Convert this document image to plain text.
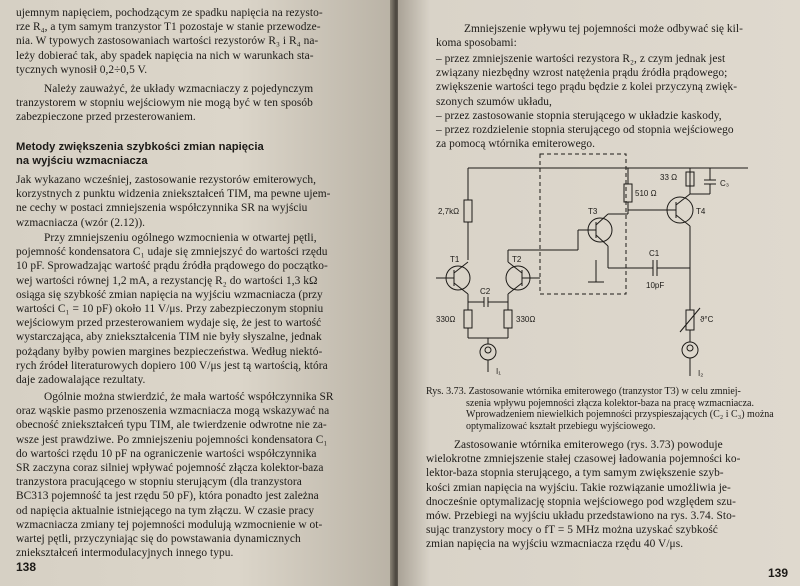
ujemnym napięciem, pochodzącym ze spadku napięcia na rezysto-
rze R₄, a tym samym tranzystor T1 pozostaje w stanie przewodze-
nia. W typowych zastosowaniach wartości rezystorów R₃ i R₄ na-
leży dobierać tak, aby spadek napięcia na nich w warunkach sta-
tycznych wynosił 0,2÷0,5 V.
Należy zauważyć, że układy wzmacniaczy z pojedynczym
tranzystorem w stopniu wejściowym nie mogą być w ten sposób
zabezpieczone przed przesterowaniem.
Metody zwiększenia szybkości zmian napięcia
na wyjściu wzmacniacza
Jak wykazano wcześniej, zastosowanie rezystorów emiterowych,
korzystnych z punktu widzenia zniekształceń TIM, ma pewne ujem-
ne cechy w postaci zmniejszenia współczynnika SR na wyjściu
wzmacniacza (wzór (2.12)).
Przy zmniejszeniu ogólnego wzmocnienia w otwartej pętli,
pojemność kondensatora C₁ udaje się zmniejszyć do wartości rzędu
10 pF. Sprowadzając wartość prądu źródła prądowego do początko-
wej wartości równej 1,2 mA, a rezystancję R₂ do wartości 1,3 kΩ
osiąga się szybkość zmian napięcia na wyjściu wzmacniacza (przy
wartości C₁ = 10 pF) około 11 V/μs. Przy zabezpieczonym stopniu
wejściowym przed przesterowaniem wydaje się, że jest to wartość
wystarczająca, aby zniekształcenia TIM nie były słyszalne, jednak
pożądany byłby powien margines bezpieczeństwa. Według niektó-
rych źródeł literaturowych dopiero 100 V/μs jest tą wartością, która
daje zadowalające rezultaty.
Ogólnie można stwierdzić, że mała wartość współczynnika SR
oraz wąskie pasmo przenoszenia wzmacniacza mogą wskazywać na
obecność zniekształceń typu TIM, ale twierdzenie odwrotne nie za-
wsze jest prawdziwe. Po zmniejszeniu pojemności kondensatora C₁
do wartości rzędu 10 pF na ograniczenie wartości współczynnika
SR zaczyna coraz silniej wpływać pojemność złącza kolektor-baza
tranzystora pracującego w stopniu sterującym (dla tranzystora
BC313 pojemność ta jest rzędu 50 pF), która ponadto jest zależna
od napięcia aktualnie istniejącego na tym złączu. W czasie pracy
wzmacniacza zmiany tej pojemności modulują wzmocnienie w ot-
wartej pętli, przyczyniając się do powstawania dynamicznych
zniekształceń intermodulacyjnych innego typu.
138
Zmniejszenie wpływu tej pojemności może odbywać się kil-
koma sposobami:
– przez zmniejszenie wartości rezystora R₂, z czym jednak jest
związany niezbędny wzrost natężenia prądu źródła prądowego;
zwiększenie wartości tego prądu będzie z kolei przyczyną zwięk-
szonych szumów układu,
– przez zastosowanie stopnia sterującego w układzie kaskody,
– przez rozdzielenie stopnia sterującego od stopnia wejściowego
za pomocą wtórnika emiterowego.
T1	T2
T3	T4
2,7kΩ
510 Ω
33 Ω
C₃
C1
10pF
C2
330Ω	330Ω	ϑ°C
I₁	I₂
Rys. 3.73. Zastosowanie wtórnika emiterowego (tranzystor T3) w celu zmniej-
szenia wpływu pojemności złącza kolektor-baza na pracę wzmacniacza.
Wprowadzeniem niewielkich pojemności przyspieszających (C₂ i C₃) można
optymalizować kształt przebiegu wyjściowego.
Zastosowanie wtórnika emiterowego (rys. 3.73) powoduje
wielokrotne zmniejszenie stałej czasowej ładowania pojemności ko-
lektor-baza stopnia sterującego, a tym samym zwiększenie szyb-
kości zmian napięcia na wyjściu. Takie rozwiązanie umożliwia je-
dnocześnie optymalizację stopnia wejściowego pod względem szu-
mów. Przebiegi na wyjściu układu przedstawiono na rys. 3.74. Sto-
sując tranzystory mocy o fT = 5 MHz można uzyskać szybkość
zmian napięcia na wyjściu wzmacniacza rzędu 40 V/μs.
139
